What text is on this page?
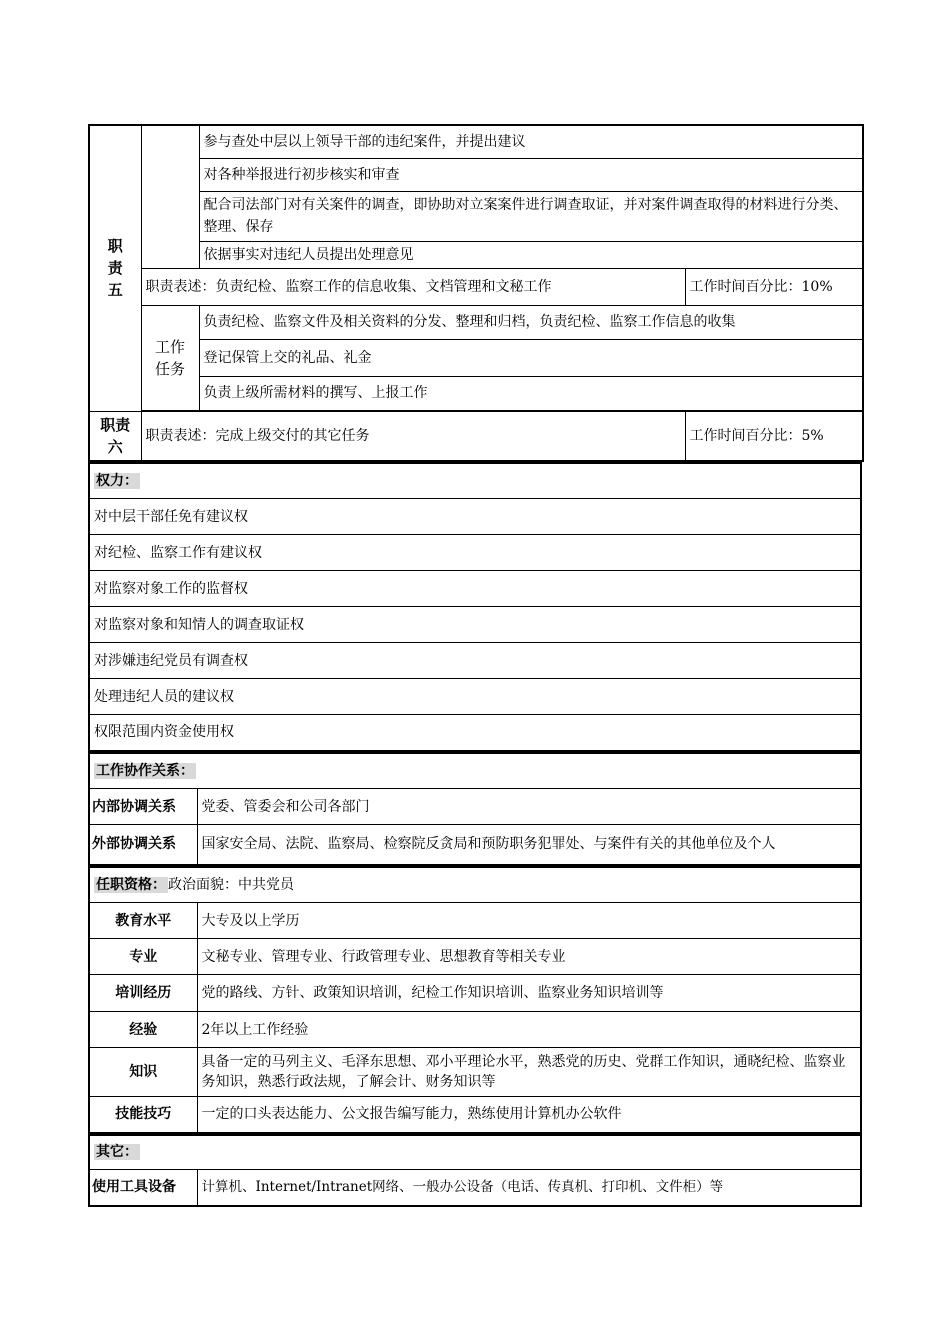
职责五		参与查处中层以上领导干部的违纪案件，并提出建议	
		对各种举报进行初步核实和审查	
		配合司法部门对有关案件的调查，即协助对立案案件进行调查取证，并对案件调查取得的材料进行分类、整理、保存	
		依据事实对违纪人员提出处理意见	
	职责表述：负责纪检、监察工作的信息收集、文档管理和文秘工作		工作时间百分比：10%
	工作任务	负责纪检、监察文件及相关资料的分发、整理和归档，负责纪检、监察工作信息的收集	
		登记保管上交的礼品、礼金	
		负责上级所需材料的撰写、上报工作	

职责六	职责表述：完成上级交付的其它任务		工作时间百分比：5%
权力：
对中层干部任免有建议权
对纪检、监察工作有建议权
对监察对象工作的监督权
对监察对象和知情人的调查取证权
对涉嫌违纪党员有调查权
处理违纪人员的建议权
权限范围内资金使用权
工作协作关系：	
内部协调关系	党委、管委会和公司各部门
外部协调关系	国家安全局、法院、监察局、检察院反贪局和预防职务犯罪处、与案件有关的其他单位及个人
任职资格： 政治面貌：中共党员	
教育水平	大专及以上学历
专业	文秘专业、管理专业、行政管理专业、思想教育等相关专业
培训经历	党的路线、方针、政策知识培训，纪检工作知识培训、监察业务知识培训等
经验	2年以上工作经验
知识	具备一定的马列主义、毛泽东思想、邓小平理论水平，熟悉党的历史、党群工作知识，通晓纪检、监察业务知识，熟悉行政法规，了解会计、财务知识等
技能技巧	一定的口头表达能力、公文报告编写能力，熟练使用计算机办公软件
其它：
使用工具设备	计算机、Internet/Intranet网络、一般办公设备（电话、传真机、打印机、文件柜）等
